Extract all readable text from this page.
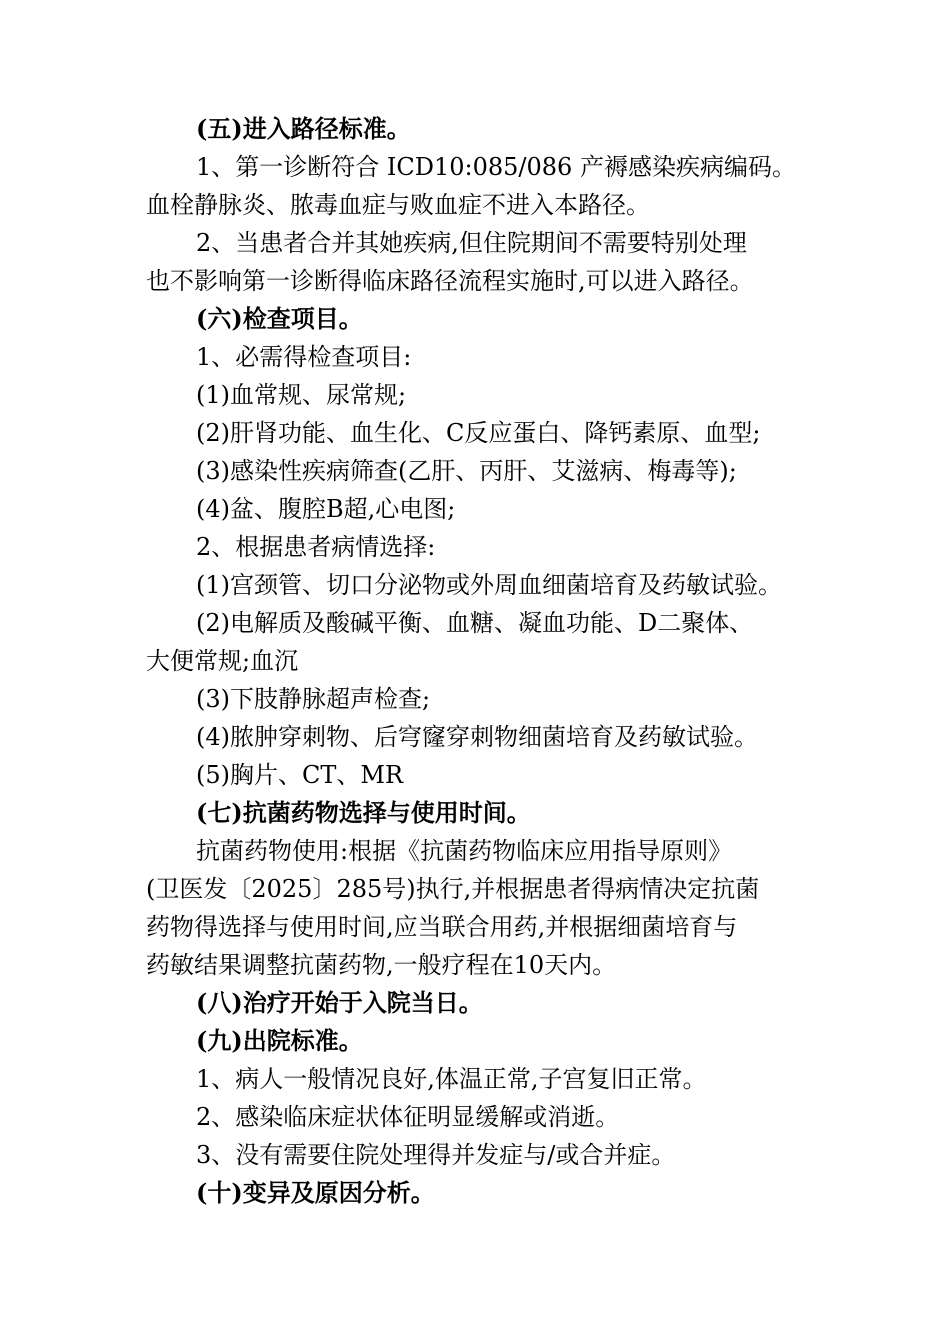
(五)进入路径标准。
1、第一诊断符合 ICD10:085/086 产褥感染疾病编码。
血栓静脉炎、脓毒血症与败血症不进入本路径。
2、当患者合并其她疾病,但住院期间不需要特别处理
也不影响第一诊断得临床路径流程实施时,可以进入路径。
(六)检查项目。
1、必需得检查项目:
(1)血常规、尿常规;
(2)肝肾功能、血生化、C反应蛋白、降钙素原、血型;
(3)感染性疾病筛查(乙肝、丙肝、艾滋病、梅毒等);
(4)盆、腹腔B超,心电图;
2、根据患者病情选择:
(1)宫颈管、切口分泌物或外周血细菌培育及药敏试验。
(2)电解质及酸碱平衡、血糖、凝血功能、D二聚体、
大便常规;血沉
(3)下肢静脉超声检查;
(4)脓肿穿刺物、后穹窿穿刺物细菌培育及药敏试验。
(5)胸片、CT、MR
(七)抗菌药物选择与使用时间。
抗菌药物使用:根据《抗菌药物临床应用指导原则》
(卫医发〔2025〕285号)执行,并根据患者得病情决定抗菌
药物得选择与使用时间,应当联合用药,并根据细菌培育与
药敏结果调整抗菌药物,一般疗程在10天内。
(八)治疗开始于入院当日。
(九)出院标准。
1、病人一般情况良好,体温正常,子宫复旧正常。
2、感染临床症状体征明显缓解或消逝。
3、没有需要住院处理得并发症与/或合并症。
(十)变异及原因分析。
